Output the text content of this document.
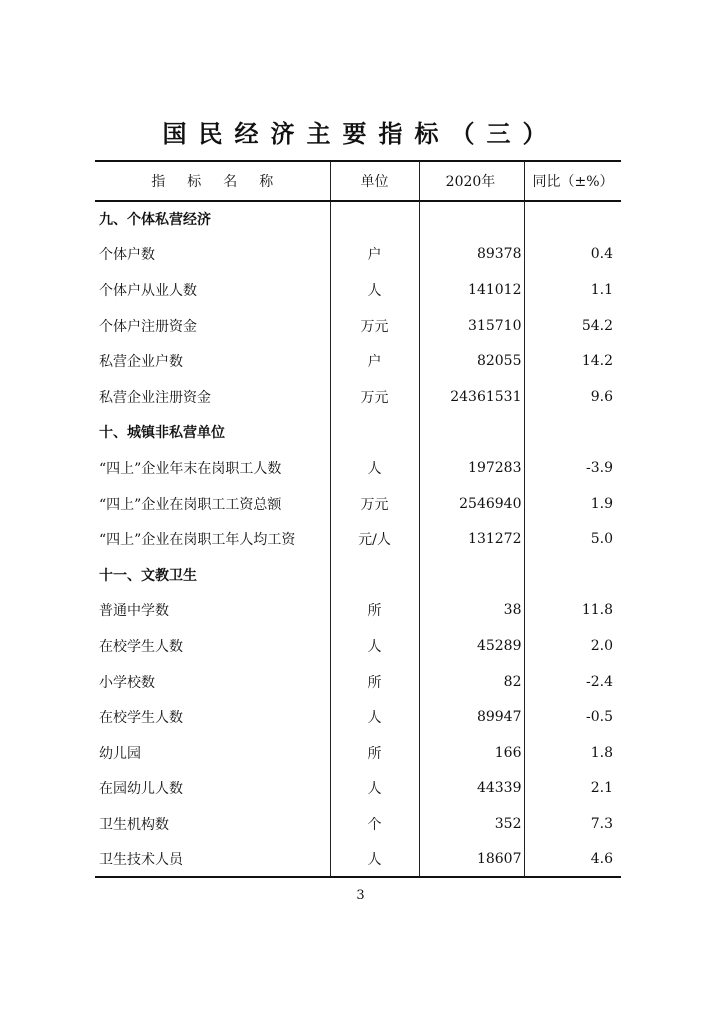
国民经济主要指标（三）
指标名称	单位	2020年	同比（±%）
九、个体私营经济			
个体户数	户	89378	0.4
个体户从业人数	人	141012	1.1
个体户注册资金	万元	315710	54.2
私营企业户数	户	82055	14.2
私营企业注册资金	万元	24361531	9.6
十、城镇非私营单位			
“四上”企业年末在岗职工人数	人	197283	-3.9
“四上”企业在岗职工工资总额	万元	2546940	1.9
“四上”企业在岗职工年人均工资	元/人	131272	5.0
十一、文教卫生			
普通中学数	所	38	11.8
在校学生人数	人	45289	2.0
小学校数	所	82	-2.4
在校学生人数	人	89947	-0.5
幼儿园	所	166	1.8
在园幼儿人数	人	44339	2.1
卫生机构数	个	352	7.3
卫生技术人员	人	18607	4.6
3
